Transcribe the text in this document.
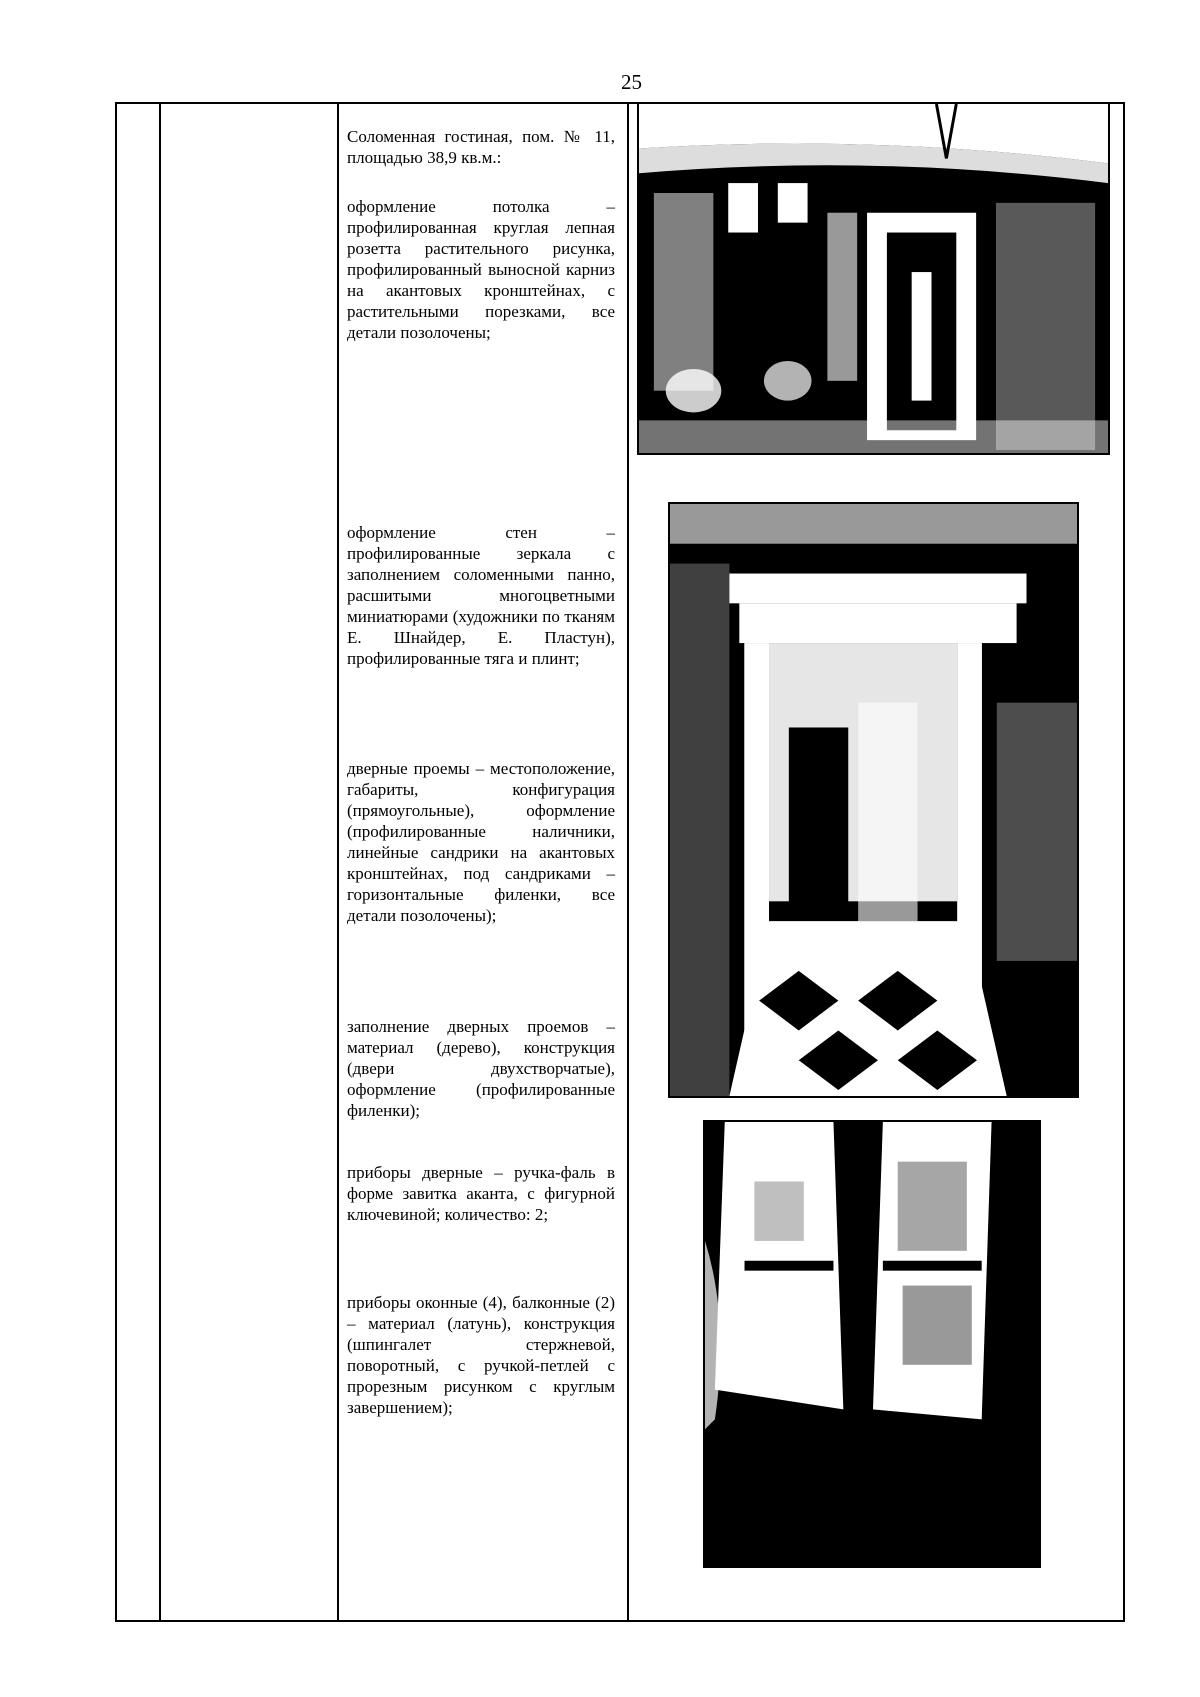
25

Соломенная гостиная, пом. № 11, площадью 38,9 кв.м.:

оформление потолка – профилированная круглая лепная розетта растительного рисунка, профилированный выносной карниз на акантовых кронштейнах, с растительными порезками, все детали позолочены;

оформление стен – профилированные зеркала с заполнением соломенными панно, расшитыми многоцветными миниатюрами (художники по тканям Е. Шнайдер, Е. Пластун), профилированные тяга и плинт;

дверные проемы – местоположение, габариты, конфигурация (прямоугольные), оформление (профилированные наличники, линейные сандрики на акантовых кронштейнах, под сандриками – горизонтальные филенки, все детали позолочены);

заполнение дверных проемов – материал (дерево), конструкция (двери двухстворчатые), оформление (профилированные филенки);

приборы дверные – ручка-фаль в форме завитка аканта, с фигурной ключевиной; количество: 2;

приборы оконные (4), балконные (2) – материал (латунь), конструкция (шпингалет стержневой, поворотный, с ручкой-петлей с прорезным рисунком с круглым завершением);
